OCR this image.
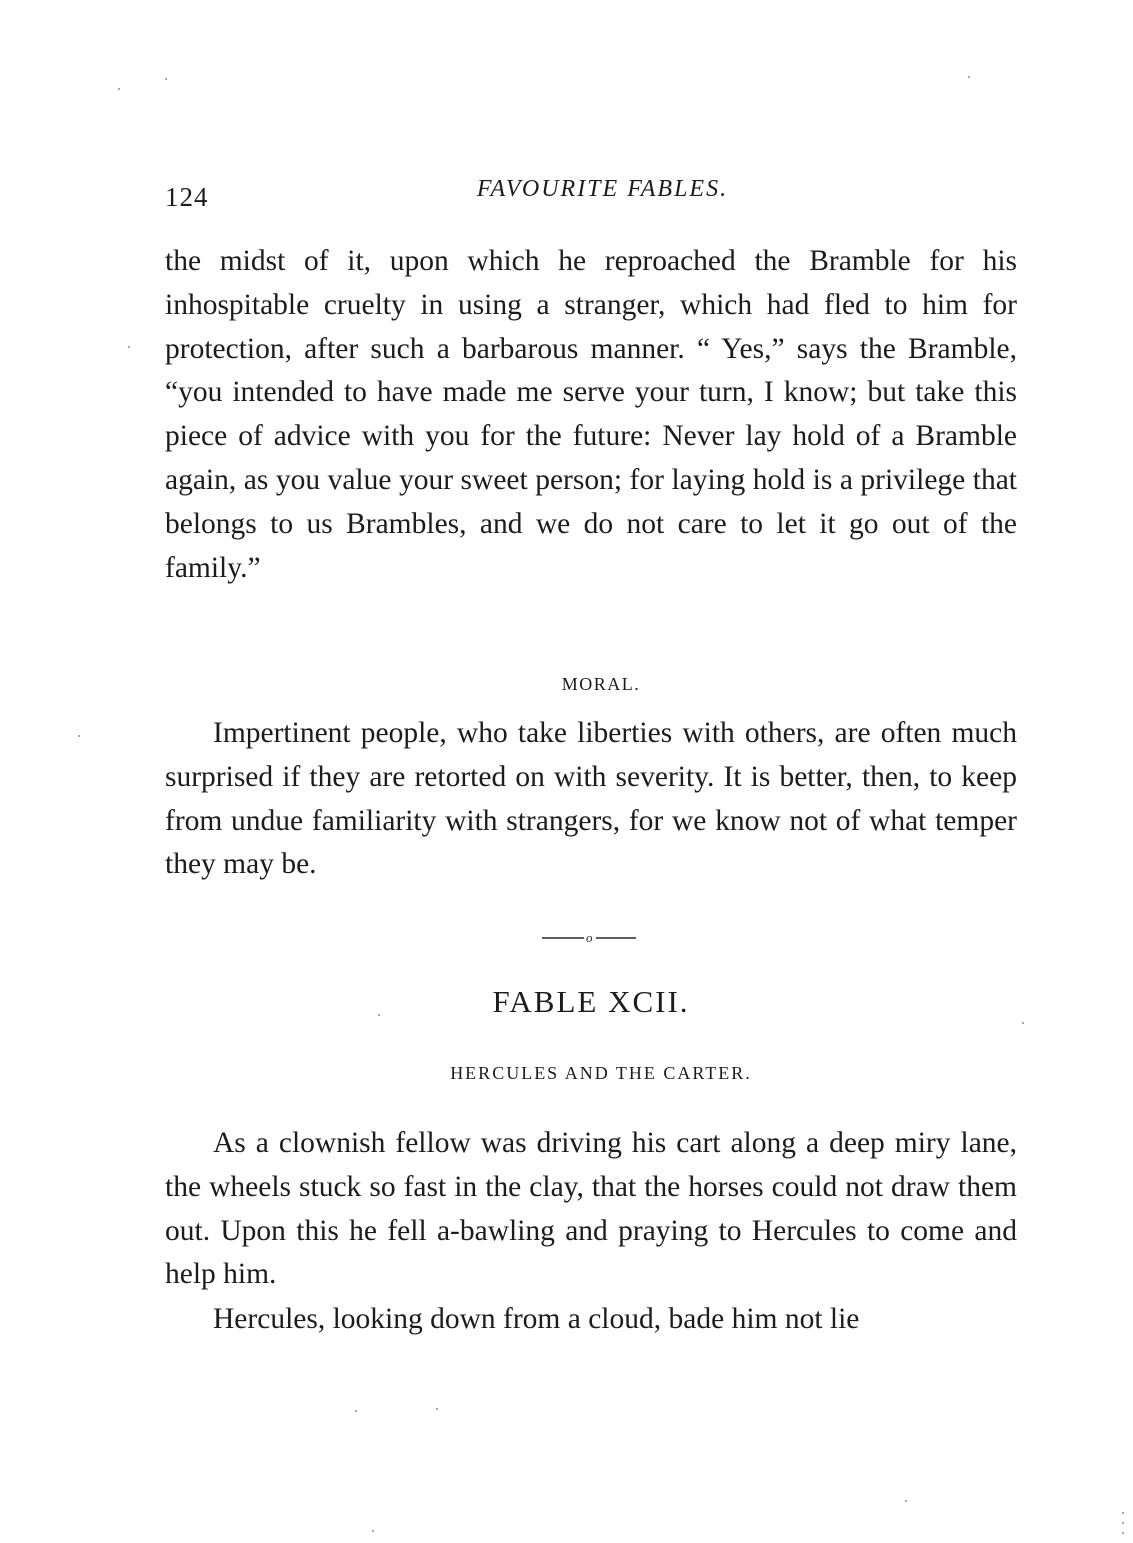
124	FAVOURITE FABLES.

the midst of it, upon which he reproached the Bramble for his inhospitable cruelty in using a stranger, which had fled to him for protection, after such a barbarous manner. “ Yes,” says the Bramble, “you intended to have made me serve your turn, I know; but take this piece of advice with you for the future: Never lay hold of a Bramble again, as you value your sweet person; for laying hold is a privilege that belongs to us Brambles, and we do not care to let it go out of the family.”

MORAL.

Impertinent people, who take liberties with others, are often much surprised if they are retorted on with severity. It is better, then, to keep from undue familiarity with strangers, for we know not of what temper they may be.

o

FABLE XCII.

HERCULES AND THE CARTER.

As a clownish fellow was driving his cart along a deep miry lane, the wheels stuck so fast in the clay, that the horses could not draw them out. Upon this he fell a-bawling and praying to Hercules to come and help him.

Hercules, looking down from a cloud, bade him not lie
